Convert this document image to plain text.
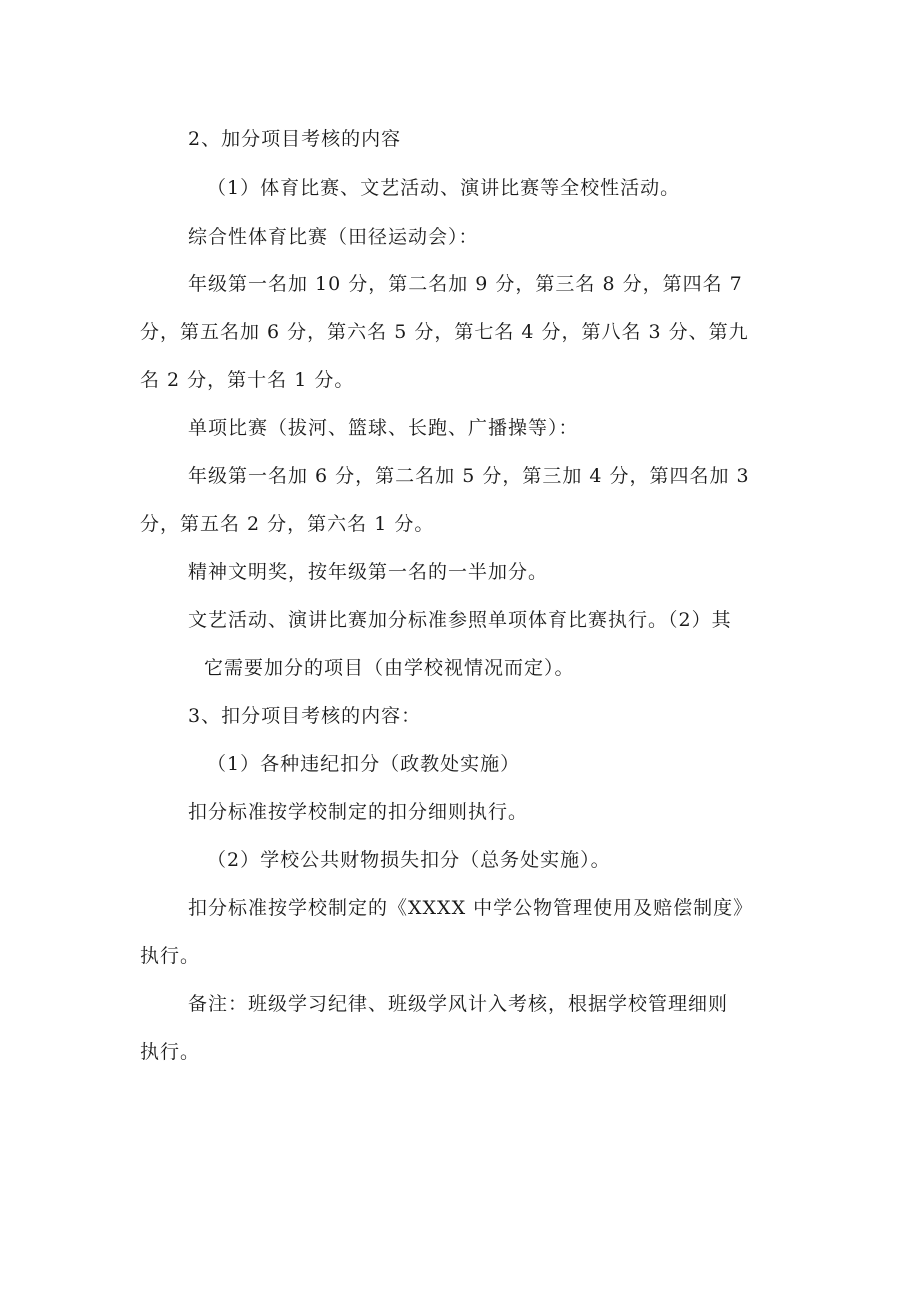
2、加分项目考核的内容
（1）体育比赛、文艺活动、演讲比赛等全校性活动。
综合性体育比赛（田径运动会）：
年级第一名加 10 分，第二名加 9 分，第三名 8 分，第四名 7
分，第五名加 6 分，第六名 5 分，第七名 4 分，第八名 3 分、第九
名 2 分，第十名 1 分。
单项比赛（拔河、篮球、长跑、广播操等）：
年级第一名加 6 分，第二名加 5 分，第三加 4 分，第四名加 3
分，第五名 2 分，第六名 1 分。
精神文明奖，按年级第一名的一半加分。
文艺活动、演讲比赛加分标准参照单项体育比赛执行。（2）其
它需要加分的项目（由学校视情况而定）。
3、扣分项目考核的内容：
（1）各种违纪扣分（政教处实施）
扣分标准按学校制定的扣分细则执行。
（2）学校公共财物损失扣分（总务处实施）。
扣分标准按学校制定的《XXXX 中学公物管理使用及赔偿制度》
执行。
备注：班级学习纪律、班级学风计入考核，根据学校管理细则
执行。
